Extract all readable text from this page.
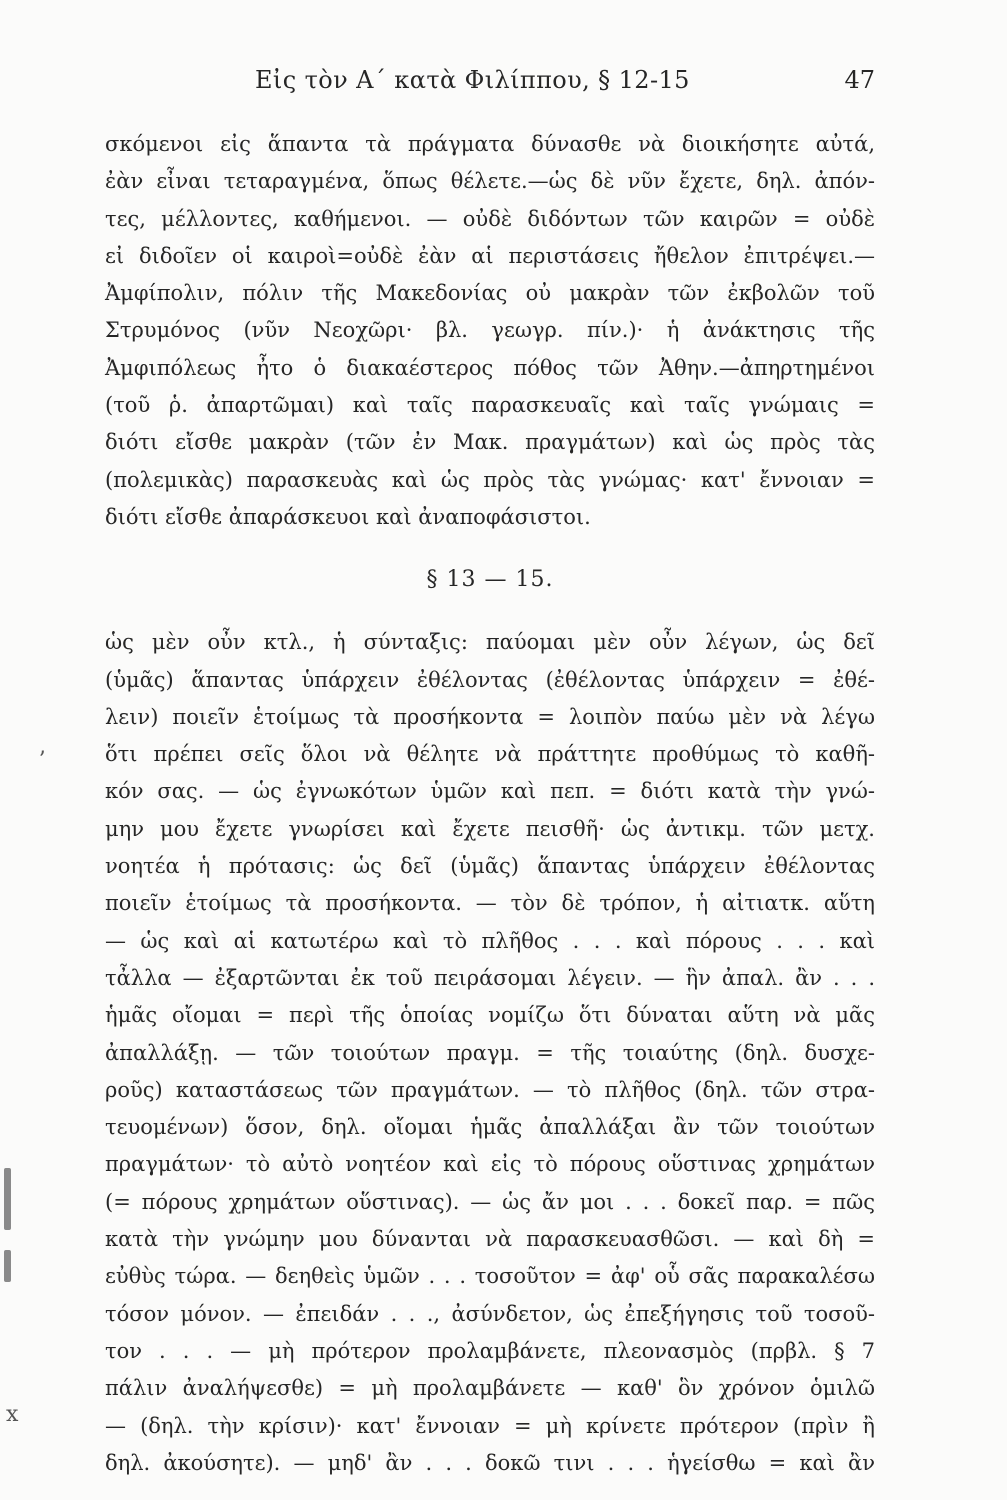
ⅹ
ʼ
Εἰς τὸν Α΄ κατὰ Φιλίππου, § 12-15	47
σκόμενοι εἰς ἅπαντα τὰ πράγματα δύνασθε νὰ διοικήσητε αὐτά,
ἐὰν εἶναι τεταραγμένα, ὅπως θέλετε.—ὡς δὲ νῦν ἔχετε, δηλ. ἀπόν-
τες, μέλλοντες, καθήμενοι. — οὐδὲ διδόντων τῶν καιρῶν = οὐδὲ
εἰ διδοῖεν οἱ καιροὶ=οὐδὲ ἐὰν αἱ περιστάσεις ἤθελον ἐπιτρέψει.—
Ἀμφίπολιν, πόλιν τῆς Μακεδονίας οὐ μακρὰν τῶν ἐκβολῶν τοῦ
Στρυμόνος (νῦν Νεοχῶρι· βλ. γεωγρ. πίν.)· ἡ ἀνάκτησις τῆς
Ἀμφιπόλεως ἦτο ὁ διακαέστερος πόθος τῶν Ἀθην.—ἀπηρτημένοι
(τοῦ ῥ. ἀπαρτῶμαι) καὶ ταῖς παρασκευαῖς καὶ ταῖς γνώμαις =
διότι εἴσθε μακρὰν (τῶν ἐν Μακ. πραγμάτων) καὶ ὡς πρὸς τὰς
(πολεμικὰς) παρασκευὰς καὶ ὡς πρὸς τὰς γνώμας· κατ' ἔννοιαν =
διότι εἴσθε ἀπαράσκευοι καὶ ἀναποφάσιστοι.
§ 13 — 15.
ὡς μὲν οὖν κτλ., ἡ σύνταξις: παύομαι μὲν οὖν λέγων, ὡς δεῖ
(ὑμᾶς) ἅπαντας ὑπάρχειν ἐθέλοντας (ἐθέλοντας ὑπάρχειν = ἐθέ-
λειν) ποιεῖν ἑτοίμως τὰ προσήκοντα = λοιπὸν παύω μὲν νὰ λέγω
ὅτι πρέπει σεῖς ὅλοι νὰ θέλητε νὰ πράττητε προθύμως τὸ καθῆ-
κόν σας. — ὡς ἐγνωκότων ὑμῶν καὶ πεπ. = διότι κατὰ τὴν γνώ-
μην μου ἔχετε γνωρίσει καὶ ἔχετε πεισθῆ· ὡς ἀντικμ. τῶν μετχ.
νοητέα ἡ πρότασις: ὡς δεῖ (ὑμᾶς) ἅπαντας ὑπάρχειν ἐθέλοντας
ποιεῖν ἑτοίμως τὰ προσήκοντα. — τὸν δὲ τρόπον, ἡ αἰτιατκ. αὕτη
— ὡς καὶ αἱ κατωτέρω καὶ τὸ πλῆθος . . . καὶ πόρους . . . καὶ
τἆλλα — ἐξαρτῶνται ἐκ τοῦ πειράσομαι λέγειν. — ἣν ἀπαλ. ἂν . . .
ἡμᾶς οἴομαι = περὶ τῆς ὁποίας νομίζω ὅτι δύναται αὕτη νὰ μᾶς
ἀπαλλάξῃ. — τῶν τοιούτων πραγμ. = τῆς τοιαύτης (δηλ. δυσχε-
ροῦς) καταστάσεως τῶν πραγμάτων. — τὸ πλῆθος (δηλ. τῶν στρα-
τευομένων) ὅσον, δηλ. οἴομαι ἡμᾶς ἀπαλλάξαι ἂν τῶν τοιούτων
πραγμάτων· τὸ αὐτὸ νοητέον καὶ εἰς τὸ πόρους οὕστινας χρημάτων
(= πόρους χρημάτων οὕστινας). — ὡς ἄν μοι . . . δοκεῖ παρ. = πῶς
κατὰ τὴν γνώμην μου δύνανται νὰ παρασκευασθῶσι. — καὶ δὴ =
εὐθὺς τώρα. — δεηθεὶς ὑμῶν . . . τοσοῦτον = ἀφ' οὗ σᾶς παρακαλέσω
τόσον μόνον. — ἐπειδάν . . ., ἀσύνδετον, ὡς ἐπεξήγησις τοῦ τοσοῦ-
τον . . . — μὴ πρότερον προλαμβάνετε, πλεονασμὸς (πρβλ. § 7
πάλιν ἀναλήψεσθε) = μὴ προλαμβάνετε — καθ' ὃν χρόνον ὁμιλῶ
— (δηλ. τὴν κρίσιν)· κατ' ἔννοιαν = μὴ κρίνετε πρότερον (πρὶν ἢ
δηλ. ἀκούσητε). — μηδ' ἂν . . . δοκῶ τινι . . . ἡγείσθω = καὶ ἂν
